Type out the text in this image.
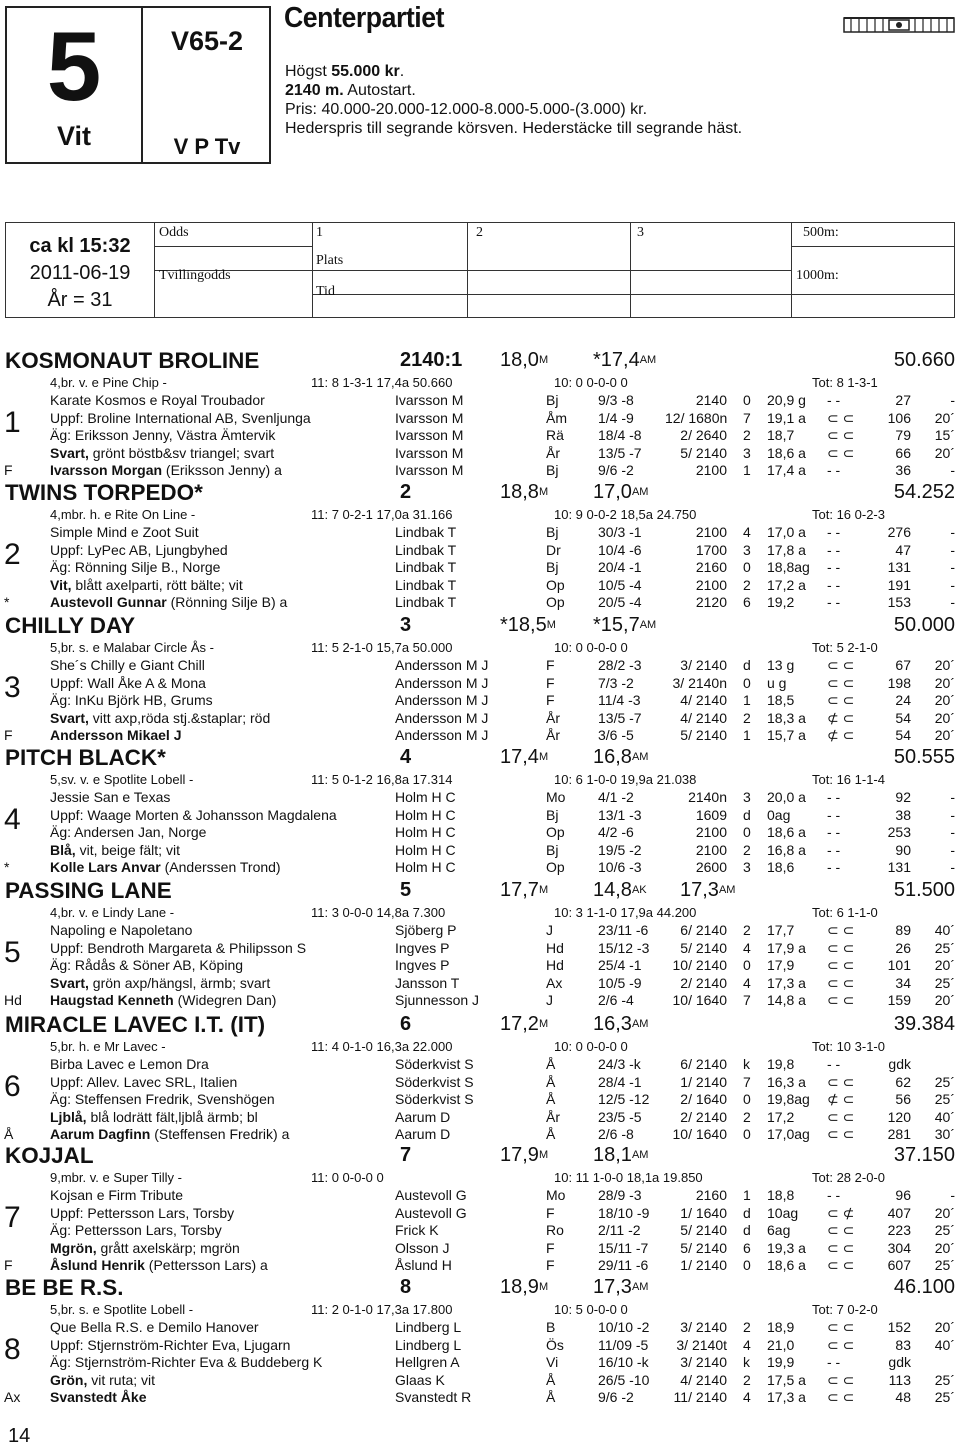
5
Vit
V65-2
V P Tv
Centerpartiet
Högst 55.000 kr.
2140 m. Autostart.
Pris: 40.000-20.000-12.000-8.000-5.000-(3.000) kr.
Hederspris till segrande körsven. Hederstäcke till segrande häst.
ca kl 15:32
2011-06-19
År = 31
Odds
Tvillingodds
1	2	3
Plats
Tid
500m:
1000m:
KOSMONAUT BROLINE	2140:1 $18,0^M$ $*17,4^{AM}$	50.660
4,br. v. e Pine Chip -	11: 8 1-3-1 17,4a 50.660	10: 0 0-0-0 0	Tot: 8 1-3-1
1
F
Karate Kosmos e Royal Troubador	Ivarsson M	Bj	9/3 -8	2140 0 20,9 g - -	27	-
Uppf: Broline International AB, Svenljunga	Ivarsson M	Åm 1/4 -9 12/ 1680n 7 19,1 a ⊂ ⊂	106	20´
Äg: Eriksson Jenny, Västra Ämtervik	Ivarsson M	Rä 18/4 -8	2/ 2640 2 18,7 ⊂ ⊂	79	15´
Svart, grönt böstb&sv triangel; svart	Ivarsson M	År	13/5 -7	5/ 2140 3 18,6 a ⊂ ⊂	66	20´
Ivarsson Morgan (Eriksson Jenny) a	Ivarsson M	Bj	9/6 -2	2100 1 17,4 a - -	36	-
TWINS TORPEDO*	2	$18,8^M$ $17,0^{AM}$	54.252
4,mbr. h. e Rite On Line -	11: 7 0-2-1 17,0a 31.166	10: 9 0-0-2 18,5a 24.750	Tot: 16 0-2-3
2
*
Simple Mind e Zoot Suit	Lindbak T	Bj	30/3 -1	2100 4 17,0 a - -	276	-
Uppf: LyPec AB, Ljungbyhed	Lindbak T	Dr	10/4 -6	1700 3 17,8 a - -	47	-
Äg: Rönning Silje B., Norge	Lindbak T	Bj	20/4 -1	2160 0 18,8ag - -	131	-
Vit, blått axelparti, rött bälte; vit	Lindbak T	Op 10/5 -4	2100 2 17,2 a - -	191	-
Austevoll Gunnar (Rönning Silje B) a	Lindbak T	Op 20/5 -4	2120 6 19,2 - -	153	-
CHILLY DAY	3	$*18,5^M$ $*15,7^{AM}$	50.000
5,br. s. e Malabar Circle Ås -	11: 5 2-1-0 15,7a 50.000	10: 0 0-0-0 0	Tot: 5 2-1-0
3
F
She´s Chilly e Giant Chill	Andersson M J	F	28/2 -3	3/ 2140 d 13 g ⊂ ⊂	67	20´
Uppf: Wall Åke A & Mona	Andersson M J	F	7/3 -2	3/ 2140n 0 u g	⊂ ⊂	198	20´
Äg: InKu Björk HB, Grums	Andersson M J	F	11/4 -3	4/ 2140 1 18,5 ⊂ ⊂	24	20´
Svart, vitt axp,röda stj.&staplar; röd	Andersson M J	År	13/5 -7	4/ 2140 2 18,3 a ⊄ ⊂	54	20´
Andersson Mikael J	Andersson M J	År	3/6 -5	5/ 2140 1 15,7 a ⊄ ⊂	54	20´
PITCH BLACK*	4	$17,4^M$ $16,8^{AM}$	50.555
5,sv. v. e Spotlite Lobell -	11: 5 0-1-2 16,8a 17.314	10: 6 1-0-0 19,9a 21.038	Tot: 16 1-1-4
4
*
Jessie San e Texas	Holm H C	Mo 4/1 -2	2140n 3 20,0 a - -	92	-
Uppf: Waage Morten & Johansson Magdalena	Holm H C	Bj	13/1 -3	1609 d 0ag	- -	38	-
Äg: Andersen Jan, Norge	Holm H C	Op 4/2 -6	2100 0 18,6 a - -	253	-
Blå, vit, beige fält; vit	Holm H C	Bj	19/5 -2	2100 2 16,8 a - -	90	-
Kolle Lars Anvar (Anderssen Trond)	Holm H C	Op 10/6 -3	2600 3 18,6 - -	131	-
PASSING LANE	5	$17,7^M$ $14,8^{AK}$ $17,3^{AM}$	51.500
4,br. v. e Lindy Lane -	11: 3 0-0-0 14,8a 7.300	10: 3 1-1-0 17,9a 44.200	Tot: 6 1-1-0
5
Hd
Napoling e Napoletano	Sjöberg P	J	23/11 -6	6/ 2140 2 17,7 ⊂ ⊂	89	40´
Uppf: Bendroth Margareta & Philipsson S	Ingves P	Hd 15/12 -3	5/ 2140 4 17,9 a ⊂ ⊂	26	25´
Äg: Rådås & Söner AB, Köping	Ingves P	Hd 25/4 -1	10/ 2140 0 17,9 ⊂ ⊂	101	20´
Svart, grön axp/hängsl, ärmb; svart	Jansson T	Ax	10/5 -9	2/ 2140 4 17,3 a ⊂ ⊂	34	25´
Haugstad Kenneth (Widegren Dan)	Sjunnesson J	J	2/6 -4	10/ 1640 7 14,8 a ⊂ ⊂	159	20´
MIRACLE LAVEC I.T. (IT)	6	$17,2^M$ $16,3^{AM}$	39.384
5,br. h. e Mr Lavec -	11: 4 0-1-0 16,3a 22.000	10: 0 0-0-0 0	Tot: 10 3-1-0
6
Å
Birba Lavec e Lemon Dra	Söderkvist S	Å	24/3 -k	6/ 2140 k 19,8 - -	gdk
Uppf: Allev. Lavec SRL, Italien	Söderkvist S	Å	28/4 -1	1/ 2140 7 16,3 a ⊂ ⊂	62	25´
Äg: Steffensen Fredrik, Svenshögen	Söderkvist S	Å	12/5 -12	2/ 1640 0 19,8ag ⊄ ⊂	56	25´
Ljblå, blå lodrätt fält,ljblå ärmb; bl	Aarum D	År	23/5 -5	2/ 2140 2 17,2 ⊂ ⊂	120	40´
Aarum Dagfinn (Steffensen Fredrik) a	Aarum D	Å	2/6 -8	10/ 1640 0 17,0ag ⊂ ⊂	281	30´
KOJJAL	7	$17,9^M$ $18,1^{AM}$	37.150
9,mbr. v. e Super Tilly -	11: 0 0-0-0 0	10: 11 1-0-0 18,1a 19.850	Tot: 28 2-0-0
7
F
Kojsan e Firm Tribute	Austevoll G	Mo 28/9 -3	2160 1 18,8 - -	96	-
Uppf: Pettersson Lars, Torsby	Austevoll G	F	18/10 -9	1/ 1640 d 10ag ⊂ ⊄	407	20´
Äg: Pettersson Lars, Torsby	Frick K	Ro 2/11 -2	5/ 2140 d 6ag	⊂ ⊂	223	25´
Mgrön, grått axelskärp; mgrön	Olsson J	F	15/11 -7	5/ 2140 6 19,3 a ⊂ ⊂	304	20´
Åslund Henrik (Pettersson Lars) a	Åslund H	F	29/11 -6	1/ 2140 0 18,6 a ⊂ ⊂	607	25´
BE BE R.S.	8	$18,9^M$ $17,3^{AM}$	46.100
5,br. s. e Spotlite Lobell -	11: 2 0-1-0 17,3a 17.800	10: 5 0-0-0 0	Tot: 7 0-2-0
8
Ax
Que Bella R.S. e Demilo Hanover	Lindberg L	B	10/10 -2	3/ 2140 2 18,9 ⊂ ⊂	152	20´
Uppf: Stjernström-Richter Eva, Ljugarn	Lindberg L	Ös 11/09 -5	3/ 2140t 4 21,0 ⊂ ⊂	83	40´
Äg: Stjernström-Richter Eva & Buddeberg K	Hellgren A	Vi	16/10 -k	3/ 2140 k 19,9 - -	gdk
Grön, vit ruta; vit	Glaas K	Å	26/5 -10	4/ 2140 2 17,5 a ⊂ ⊂	113	25´
Svanstedt Åke	Svanstedt R	Å	9/6 -2	11/ 2140 4 17,3 a ⊂ ⊂	48	25´
14
